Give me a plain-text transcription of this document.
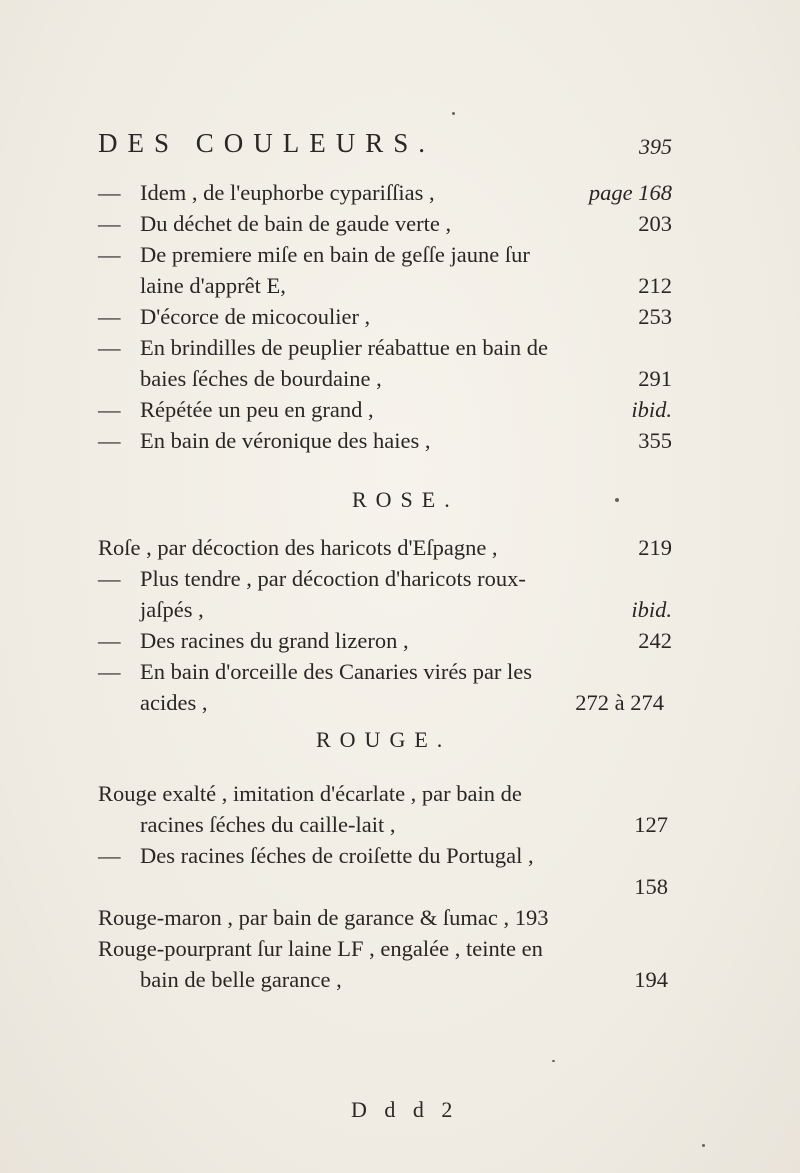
DES COULEURS.	395
— Idem , de l'euphorbe cypariſſias ,	page 168
— Du déchet de bain de gaude verte ,	203
— De premiere miſe en bain de geſſe jaune ſur
laine d'apprêt E,	212
— D'écorce de micocoulier ,	253
— En brindilles de peuplier réabattue en bain de
baies ſéches de bourdaine ,	291
— Répétée un peu en grand ,	ibid.
— En bain de véronique des haies ,	355
ROSE.
Roſe , par décoction des haricots d'Eſpagne ,	219
— Plus tendre , par décoction d'haricots roux-
jaſpés ,	ibid.
— Des racines du grand lizeron ,	242
— En bain d'orceille des Canaries virés par les
acides ,	272 à 274
ROUGE.
Rouge exalté , imitation d'écarlate , par bain de
racines ſéches du caille-lait ,	127
— Des racines ſéches de croiſette du Portugal ,
158
Rouge-maron , par bain de garance & ſumac , 193
Rouge-pourprant ſur laine LF , engalée , teinte en
bain de belle garance ,	194
D d d 2
